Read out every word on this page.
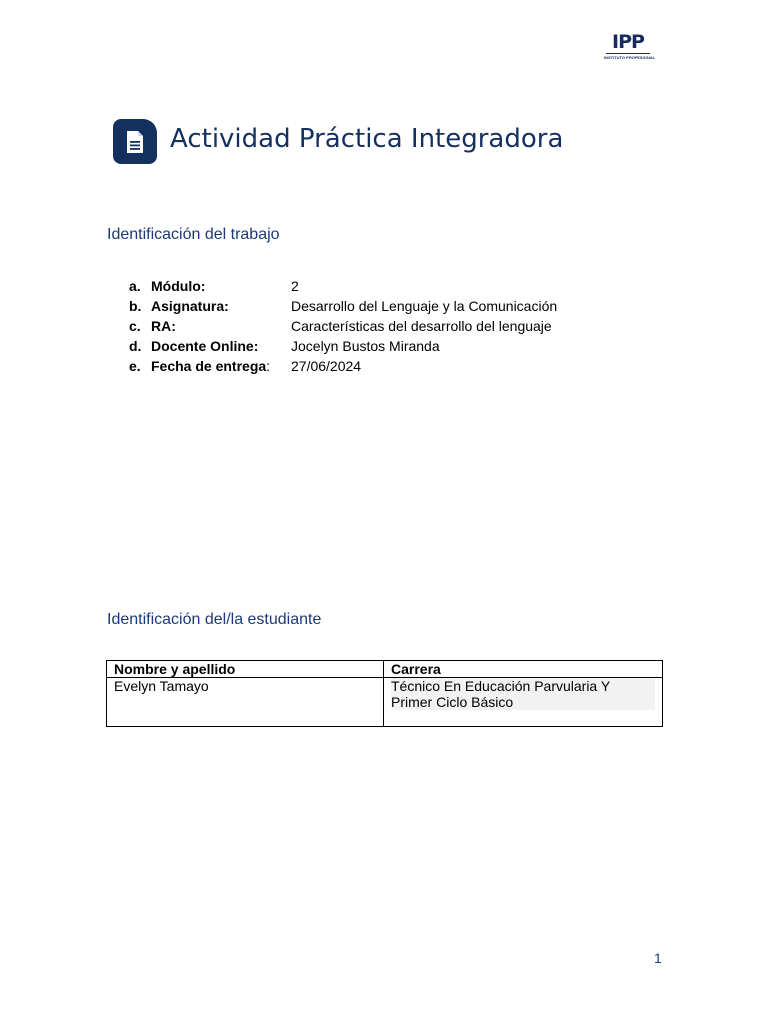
IPP
INSTITUTO PROFESIONAL
Actividad Práctica Integradora
Identificación del trabajo
a. Módulo:	2
b. Asignatura:	Desarrollo del Lenguaje y la Comunicación
c. RA:	Características del desarrollo del lenguaje
d. Docente Online: Jocelyn Bustos Miranda
e. Fecha de entrega: 27/06/2024
Identificación del/la estudiante
Nombre y apellido	Carrera
Evelyn Tamayo	Técnico En Educación Parvularia Y Primer Ciclo Básico
1
